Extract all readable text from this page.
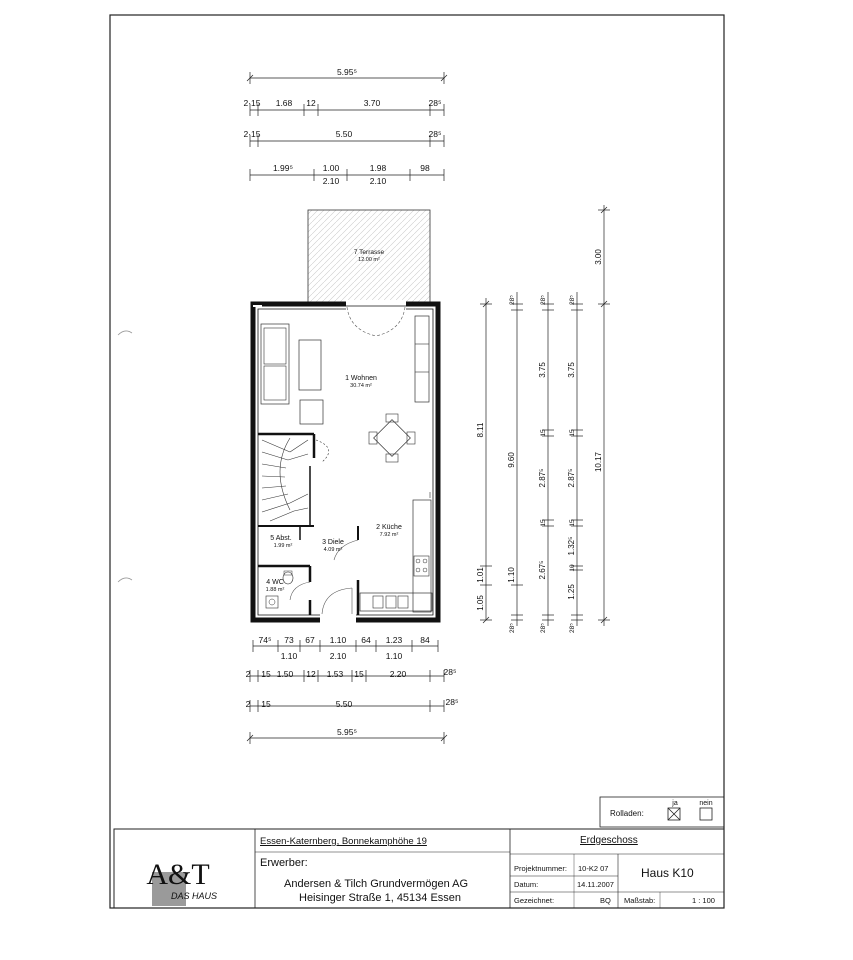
5.95⁵
2·15 1.68 12	3.70	28⁵
2·15	5.50	28⁵
1.99⁵	1.00	1.98	98
2.10	2.10
7 Terrasse
12.00 m²
1 Wohnen
30.74 m²
2 Küche
7.92 m²
3 Diele
4.09 m²
5 Abst.
1.99 m²
4 WC
1.88 m²
8.11
1.01
1.05
28⁵
9.60
1.10
28⁵
28⁵
3.75
15
2.87⁵
15
2.67⁵
28⁵
28⁵
3.75
15
2.87⁵
15
1.32⁵
10
1.25
28⁵
3.00
10.17
74⁵ 73 67 1.10 64 1.23 84
1.10	2.10	1.10
2 15 1.50 12 1.53 15	2.20	28⁵
2 15	5.50	28⁵
5.95⁵
Rolladen:
ja	nein
A&T
DAS HAUS
Essen-Katernberg, Bonnekamphöhe 19
Erwerber:
Andersen & Tilch Grundvermögen AG
Heisinger Straße 1, 45134 Essen
Erdgeschoss
Projektnummer: 10-K2 07
Datum:	14.11.2007
Gezeichnet:	BQ
Haus K10
Maßstab:	1 : 100
